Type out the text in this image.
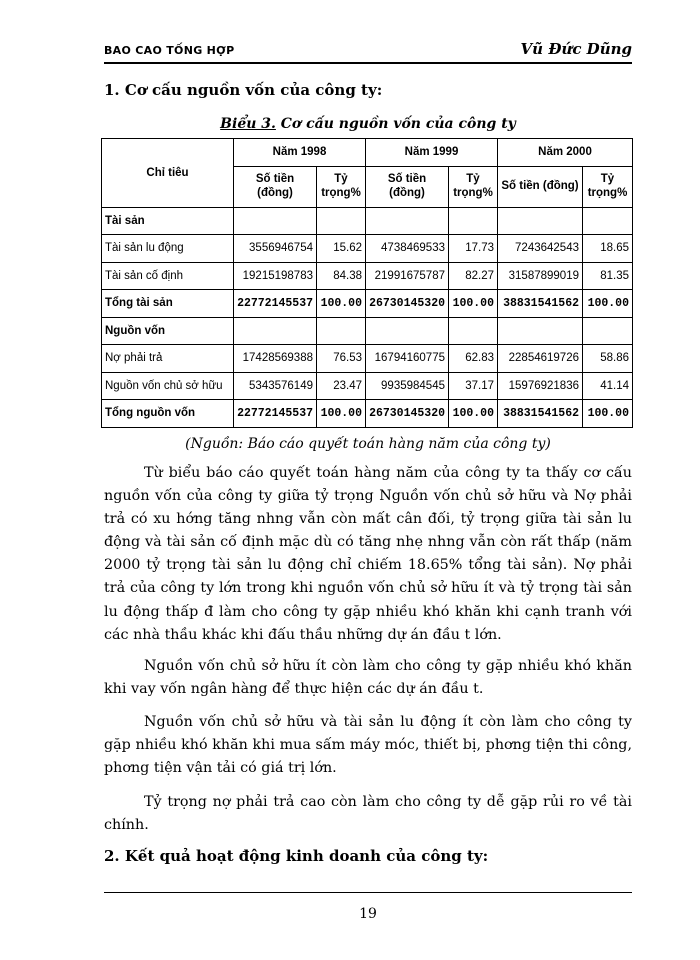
BAO CAO TỐNG HỢP	Vũ Đức Dũng
1. Cơ cấu nguồn vốn của công ty:
Biểu 3. Cơ cấu nguồn vốn của công ty
Chỉ tiêu	Năm 1998		Năm 1999		Năm 2000	
	Số tiền (đồng)	Tỷ trọng%	Số tiền (đồng)	Tỷ trọng%	Số tiền (đồng)	Tỷ trọng%
Tài sản						
Tài sản lu động	3556946754	15.62	4738469533	17.73	7243642543	18.65
Tài sản cố định	19215198783	84.38	21991675787	82.27	31587899019	81.35
Tổng tài sản	22772145537	100.00	26730145320	100.00	38831541562	100.00
Nguồn vốn						
Nợ phải trả	17428569388	76.53	16794160775	62.83	22854619726	58.86
Nguồn vốn chủ sở hữu	5343576149	23.47	9935984545	37.17	15976921836	41.14
Tổng nguồn vốn	22772145537	100.00	26730145320	100.00	38831541562	100.00
(Nguồn: Báo cáo quyết toán hàng năm của công ty)

Từ biểu báo cáo quyết toán hàng năm của công ty ta thấy cơ cấu nguồn vốn của công ty giữa tỷ trọng Nguồn vốn chủ sở hữu và Nợ phải trả có xu hớng tăng nhng vẫn còn mất cân đối, tỷ trọng giữa tài sản lu động và tài sản cố định mặc dù có tăng nhẹ nhng vẫn còn rất thấp (năm 2000 tỷ trọng tài sản lu động chỉ chiếm 18.65% tổng tài sản). Nợ phải trả của công ty lớn trong khi nguồn vốn chủ sở hữu ít và tỷ trọng tài sản lu động thấp đ làm cho công ty gặp nhiều khó khăn khi cạnh tranh với các nhà thầu khác khi đấu thầu những dự án đầu t lớn.

Nguồn vốn chủ sở hữu ít còn làm cho công ty gặp nhiều khó khăn khi vay vốn ngân hàng để thực hiện các dự án đầu t.

Nguồn vốn chủ sở hữu và tài sản lu động ít còn làm cho công ty gặp nhiều khó khăn khi mua sấm máy móc, thiết bị, phơng tiện thi công, phơng tiện vận tải có giá trị lớn.

Tỷ trọng nợ phải trả cao còn làm cho công ty dễ gặp rủi ro về tài chính.

2. Kết quả hoạt động kinh doanh của công ty:
19
